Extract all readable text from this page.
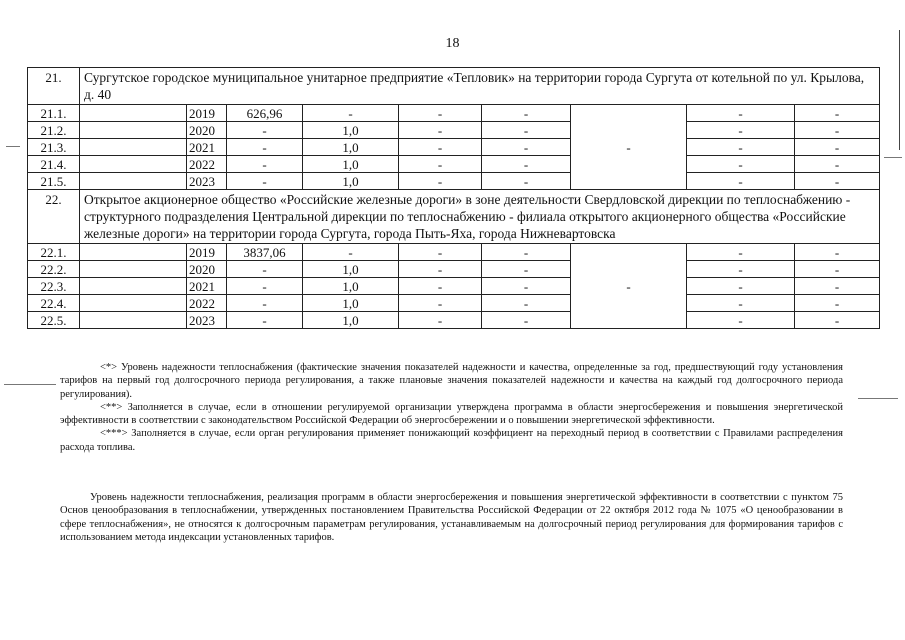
18
21.	Сургутское городское муниципальное унитарное предприятие «Тепловик» на территории города Сургута от котельной по ул. Крылова, д. 40								
21.1.		2019	626,96	-	-	-	-	-	-
21.2.		2020	-	1,0	-	-		-	-
21.3.		2021	-	1,0	-	-		-	-
21.4.		2022	-	1,0	-	-		-	-
21.5.		2023	-	1,0	-	-		-	-
22.	Открытое акционерное общество «Российские железные дороги» в зоне деятельности Свердловской дирекции по теплоснабжению - структурного подразделения Центральной дирекции по теплоснабжению - филиала открытого акционерного общества «Российские железные дороги» на территории города Сургута, города Пыть-Яха, города Нижневартовска								
22.1.		2019	3837,06	-	-	-	-	-	-
22.2.		2020	-	1,0	-	-		-	-
22.3.		2021	-	1,0	-	-		-	-
22.4.		2022	-	1,0	-	-		-	-
22.5.		2023	-	1,0	-	-		-	-

<*> Уровень надежности теплоснабжения (фактические значения показателей надежности и качества, определенные за год, предшествующий году установления тарифов на первый год долгосрочного периода регулирования, а также плановые значения показателей надежности и качества на каждый год долгосрочного периода регулирования).

<**> Заполняется в случае, если в отношении регулируемой организации утверждена программа в области энергосбережения и повышения энергетической эффективности в соответствии с законодательством Российской Федерации об энергосбережении и о повышении энергетической эффективности.

<***> Заполняется в случае, если орган регулирования применяет понижающий коэффициент на переходный период в соответствии с Правилами распределения расхода топлива.

Уровень надежности теплоснабжения, реализация программ в области энергосбережения и повышения энергетической эффективности в соответствии с пунктом 75 Основ ценообразования в теплоснабжении, утвержденных постановлением Правительства Российской Федерации от 22 октября 2012 года № 1075 «О ценообразовании в сфере теплоснабжения», не относятся к долгосрочным параметрам регулирования, устанавливаемым на долгосрочный период регулирования для формирования тарифов с использованием метода индексации установленных тарифов.
